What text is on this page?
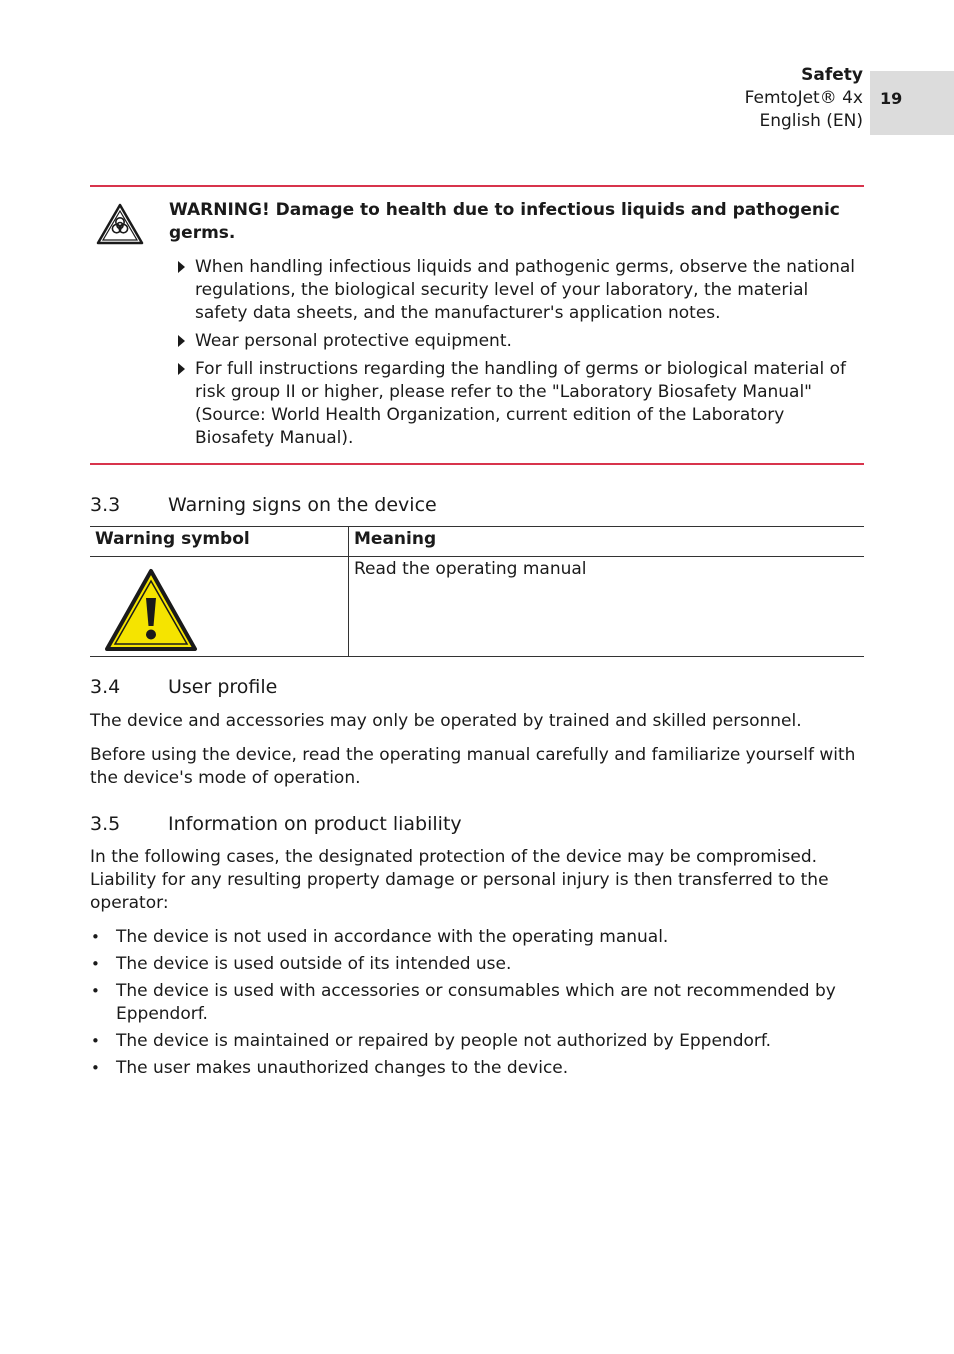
Safety
FemtoJet® 4x
English (EN)
19
WARNING! Damage to health due to infectious liquids and pathogenic germs.
When handling infectious liquids and pathogenic germs, observe the national regulations, the biological security level of your laboratory, the material safety data sheets, and the manufacturer's application notes.
Wear personal protective equipment.
For full instructions regarding the handling of germs or biological material of risk group II or higher, please refer to the "Laboratory Biosafety Manual" (Source: World Health Organization, current edition of the Laboratory Biosafety Manual).
3.3	Warning signs on the device
Warning symbol	Meaning

	Read the operating manual
3.4	User profile

The device and accessories may only be operated by trained and skilled personnel.

Before using the device, read the operating manual carefully and familiarize yourself with the device's mode of operation.

3.5	Information on product liability

In the following cases, the designated protection of the device may be compromised. Liability for any resulting property damage or personal injury is then transferred to the operator:

• The device is not used in accordance with the operating manual.
• The device is used outside of its intended use.
• The device is used with accessories or consumables which are not recommended by Eppendorf.
• The device is maintained or repaired by people not authorized by Eppendorf.
• The user makes unauthorized changes to the device.
